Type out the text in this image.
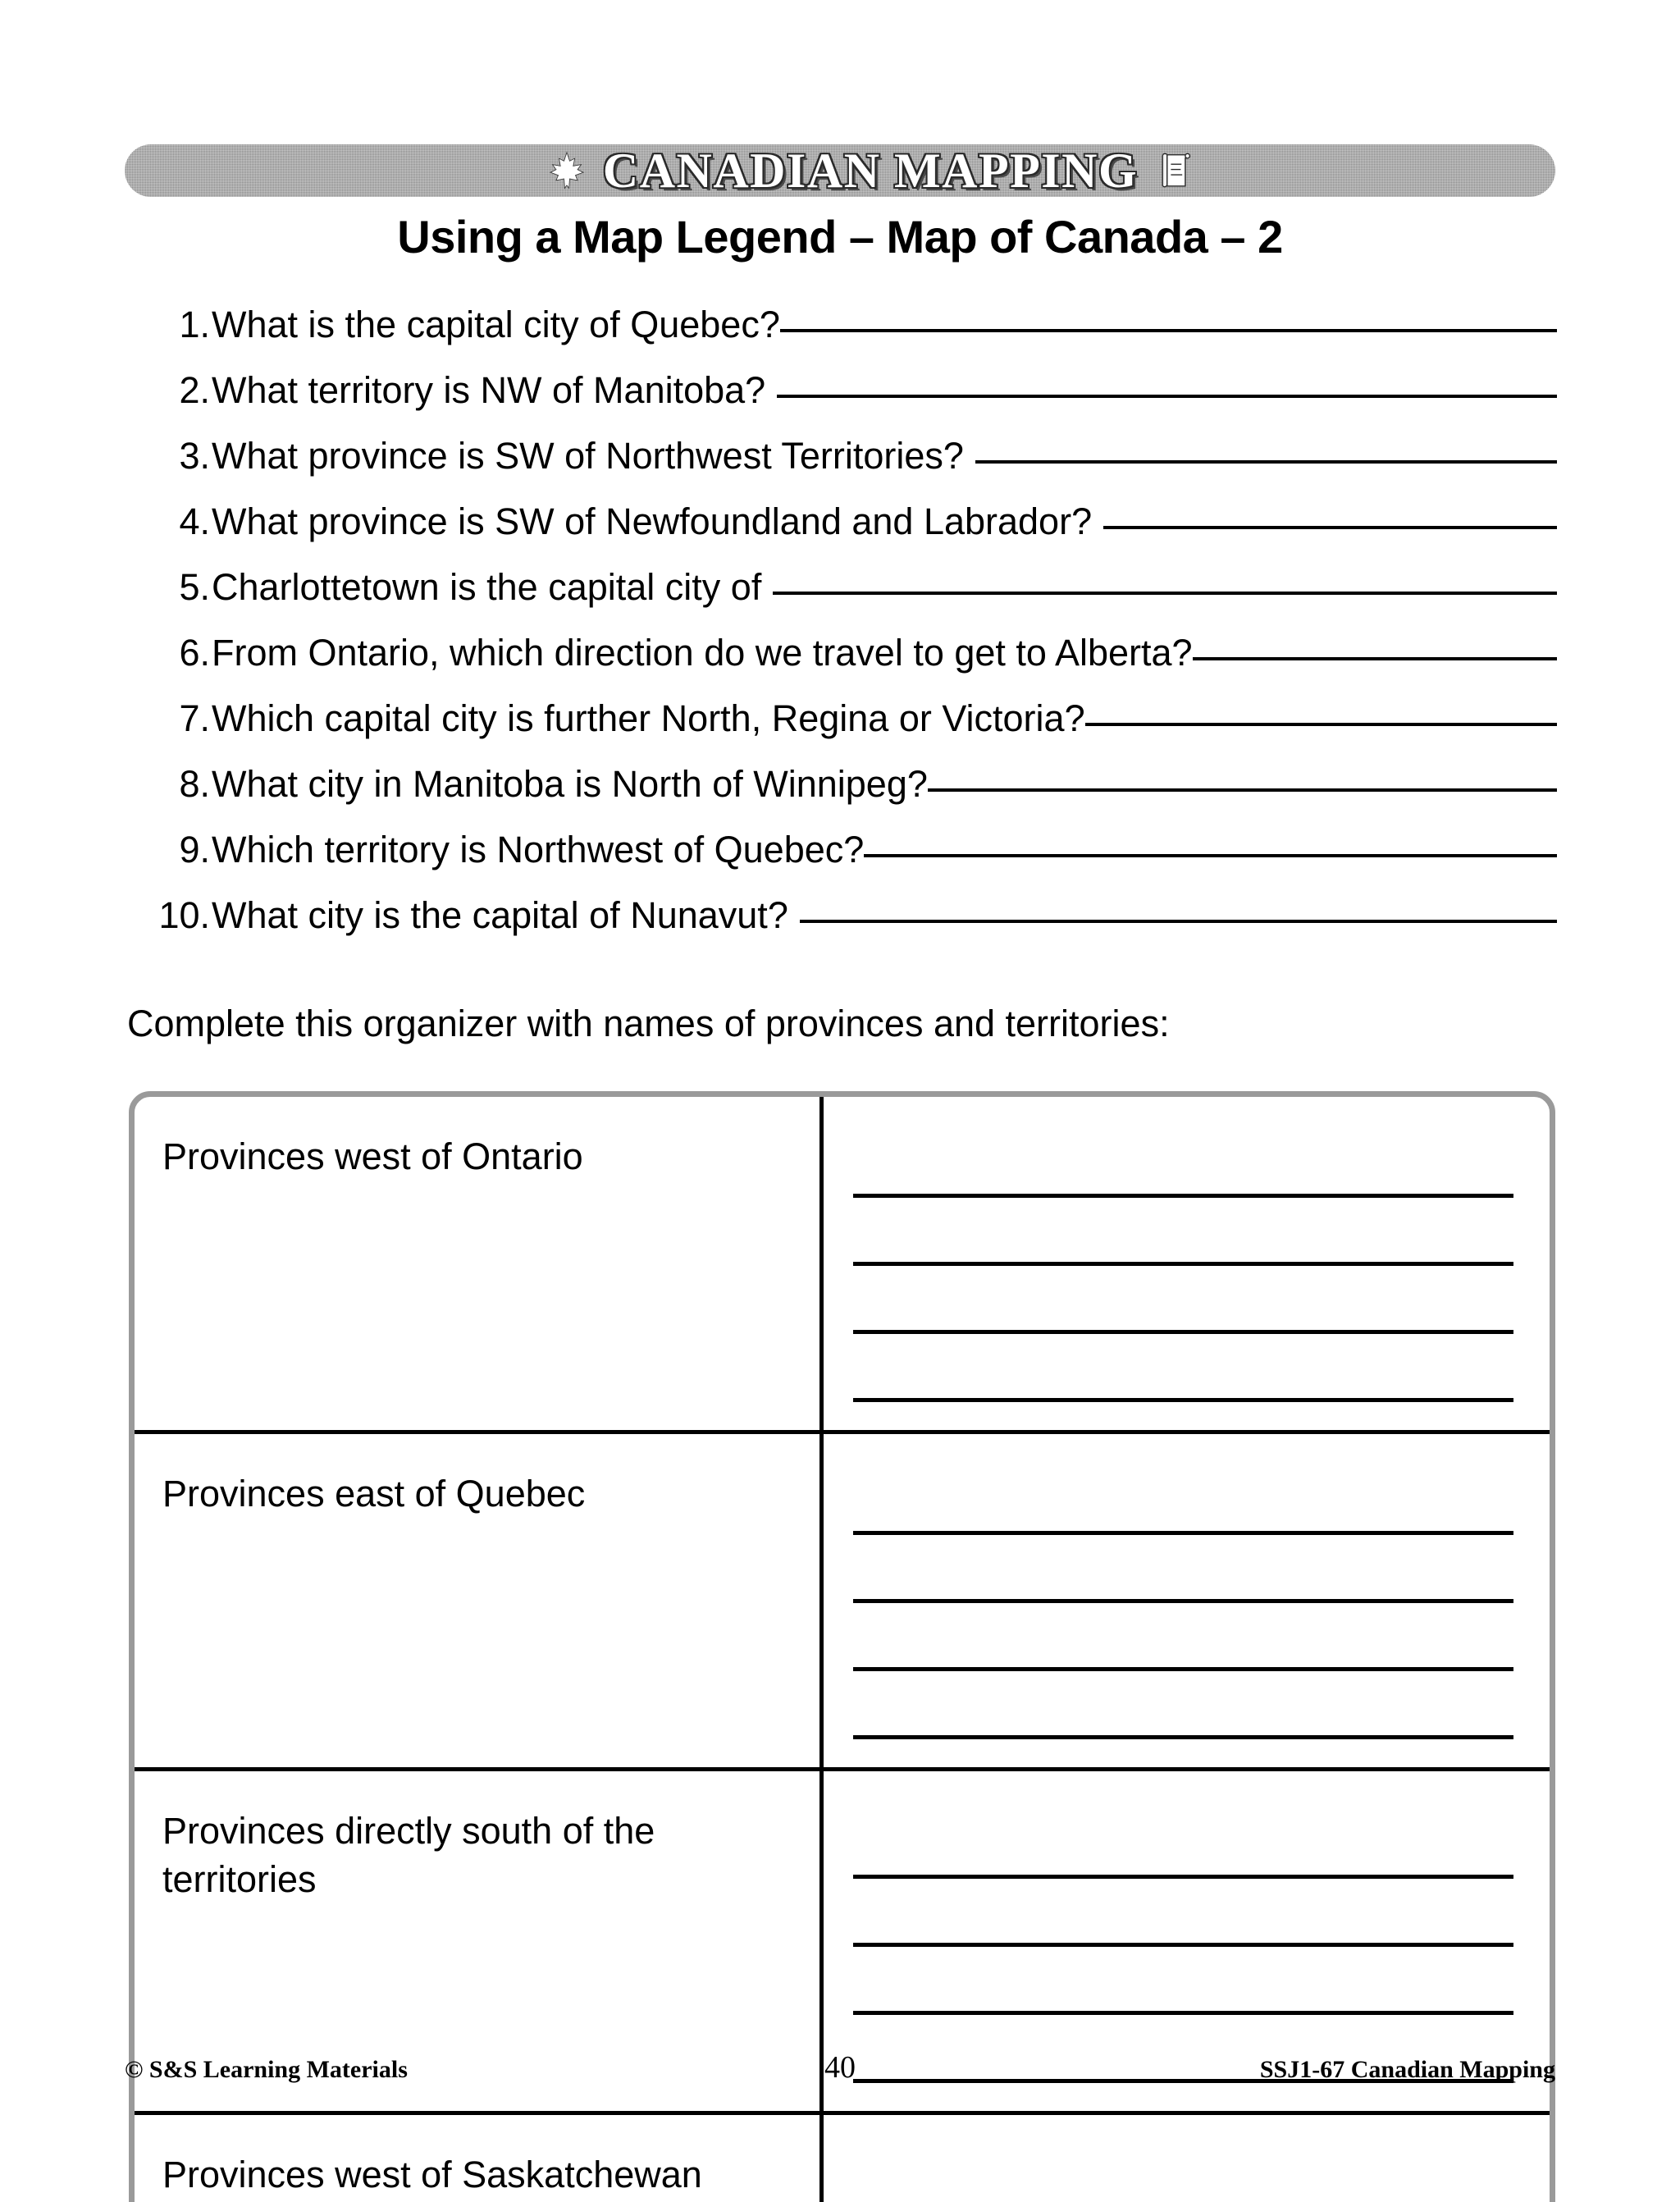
CANADIAN MAPPING
Using a Map Legend – Map of Canada – 2
1. What is the capital city of Quebec?
2. What territory is NW of Manitoba?
3. What province is SW of Northwest Territories?
4. What province is SW of Newfoundland and Labrador?
5. Charlottetown is the capital city of
6. From Ontario, which direction do we travel to get to Alberta?
7. Which capital city is further North, Regina or Victoria?
8. What city in Manitoba is North of Winnipeg?
9. Which territory is Northwest of Quebec?
10. What city is the capital of Nunavut?
Complete this organizer with names of provinces and territories:
Provinces west of Ontario
Provinces east of Quebec
Provinces directly south of the territories
Provinces west of Saskatchewan
© S&S Learning Materials	40	SSJ1-67 Canadian Mapping
